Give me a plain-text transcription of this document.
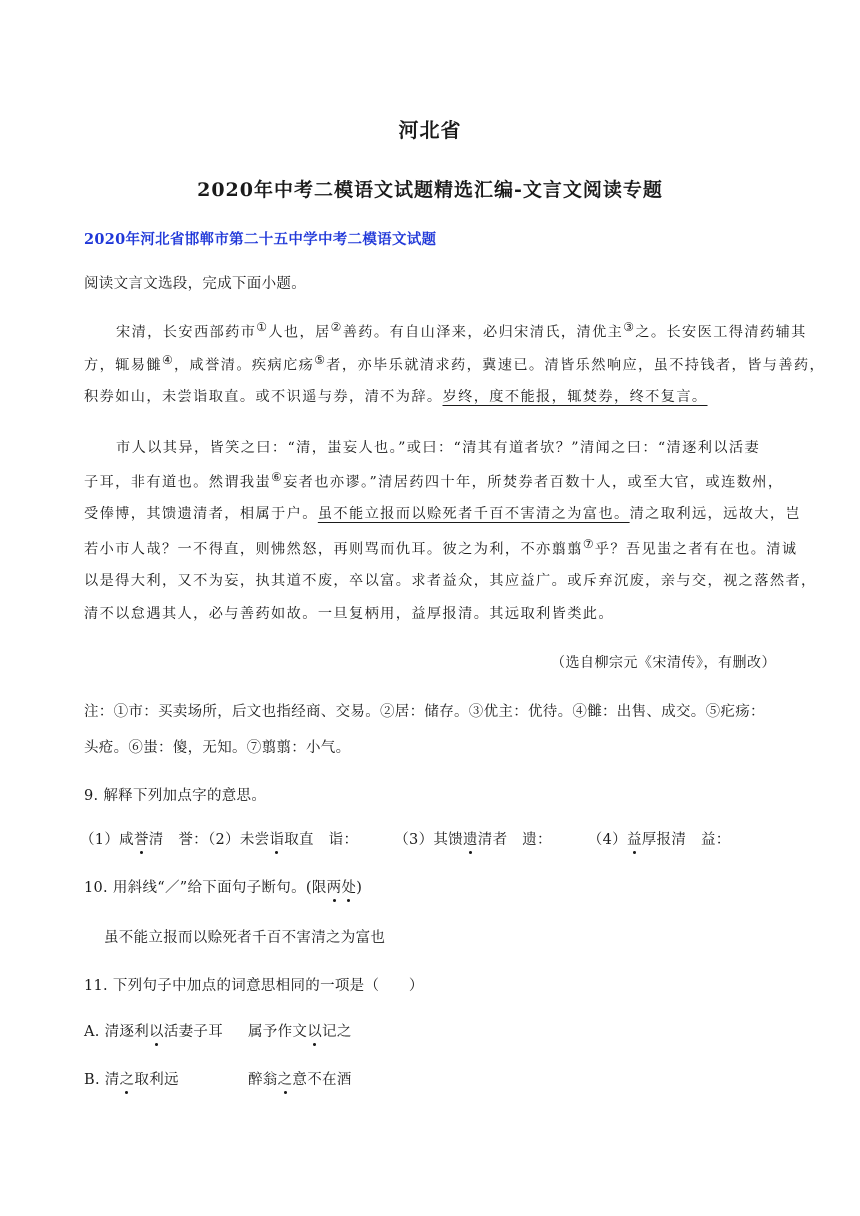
河北省
2020年中考二模语文试题精选汇编-文言文阅读专题
2020年河北省邯郸市第二十五中学中考二模语文试题
阅读文言文选段，完成下面小题。
宋清，长安西部药市①人也，居②善药。有自山泽来，必归宋清氏，清优主③之。长安医工得清药辅其
方，辄易雠④，咸誉清。疾病庀疡⑤者，亦毕乐就清求药，冀速已。清皆乐然响应，虽不持钱者，皆与善药，
积券如山，未尝诣取直。或不识遥与券，清不为辞。岁终，度不能报，辄焚券，终不复言。
市人以其异，皆笑之曰：“清，蚩妄人也。”或曰：“清其有道者欤？”清闻之曰：“清逐利以活妻
子耳，非有道也。然谓我蚩⑥妄者也亦谬。”清居药四十年，所焚券者百数十人，或至大官，或连数州，
受俸博，其馈遗清者，相属于户。虽不能立报而以赊死者千百不害清之为富也。清之取利远，远故大，岂
若小市人哉？一不得直，则怫然怒，再则骂而仇耳。彼之为利，不亦翦翦⑦乎？吾见蚩之者有在也。清诚
以是得大利，又不为妄，执其道不废，卒以富。求者益众，其应益广。或斥弃沉废，亲与交，视之落然者，
清不以怠遇其人，必与善药如故。一旦复柄用，益厚报清。其远取利皆类此。
（选自柳宗元《宋清传》，有删改）
注：①市：买卖场所，后文也指经商、交易。②居：储存。③优主：优待。④雠：出售、成交。⑤疕疡：
头疮。⑥蚩：傻，无知。⑦翦翦：小气。
9. 解释下列加点字的意思。
（1）咸誉清　誉：（2）未尝诣取直　诣： （3）其馈遗清者　遗： （4）益厚报清　益：
10. 用斜线“／”给下面句子断句。(限两处)
虽不能立报而以赊死者千百不害清之为富也
11. 下列句子中加点的词意思相同的一项是（　　）
A. 清逐利以活妻子耳 属予作文以记之
B. 清之取利远	醉翁之意不在酒
